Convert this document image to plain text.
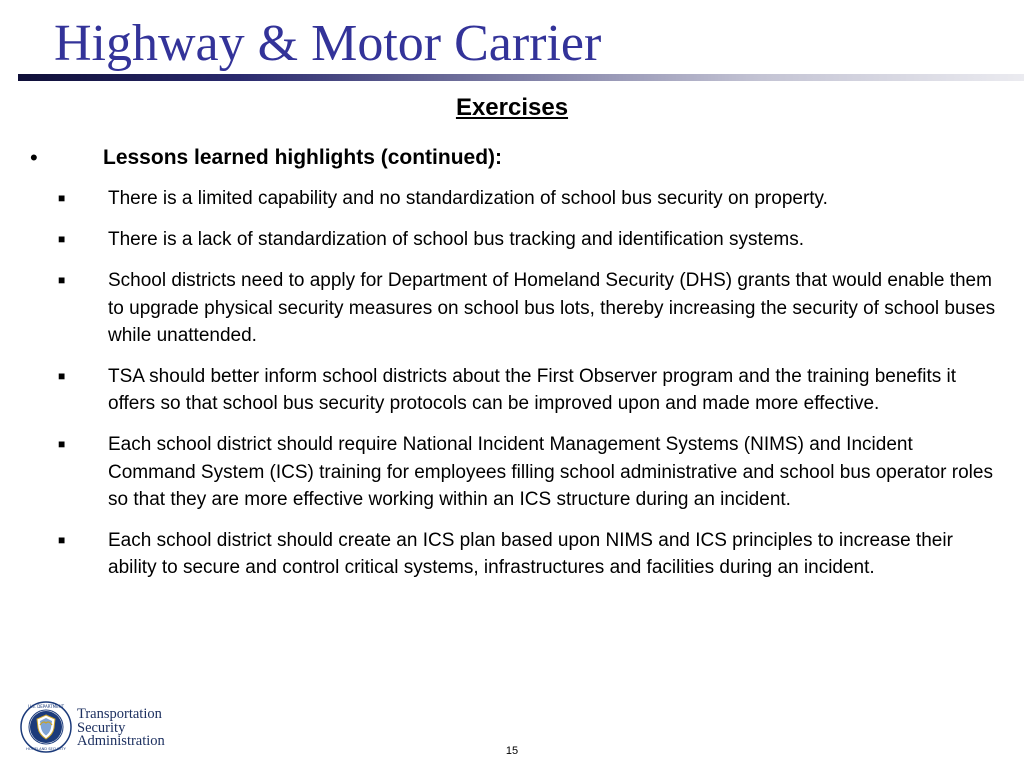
Highway & Motor Carrier
Exercises
•	Lessons learned highlights (continued):
■ There is a limited capability and no standardization of school bus security on property.
■ There is a lack of standardization of school bus tracking and identification systems.
■ School districts need to apply for Department of Homeland Security (DHS) grants that would enable them to upgrade physical security measures on school bus lots, thereby increasing the security of school buses while unattended.
■ TSA should better inform school districts about the First Observer program and the training benefits it offers so that school bus security protocols can be improved upon and made more effective.
■ Each school district should require National Incident Management Systems (NIMS) and Incident Command System (ICS) training for employees filling school administrative and school bus operator roles so that they are more effective working within an ICS structure during an incident.
■ Each school district should create an ICS plan based upon NIMS and ICS principles to increase their ability to secure and control critical systems, infrastructures and facilities during an incident.
U.S. DEPARTMENT
HOMELAND SECURITY
Transportation
Security
Administration
15
